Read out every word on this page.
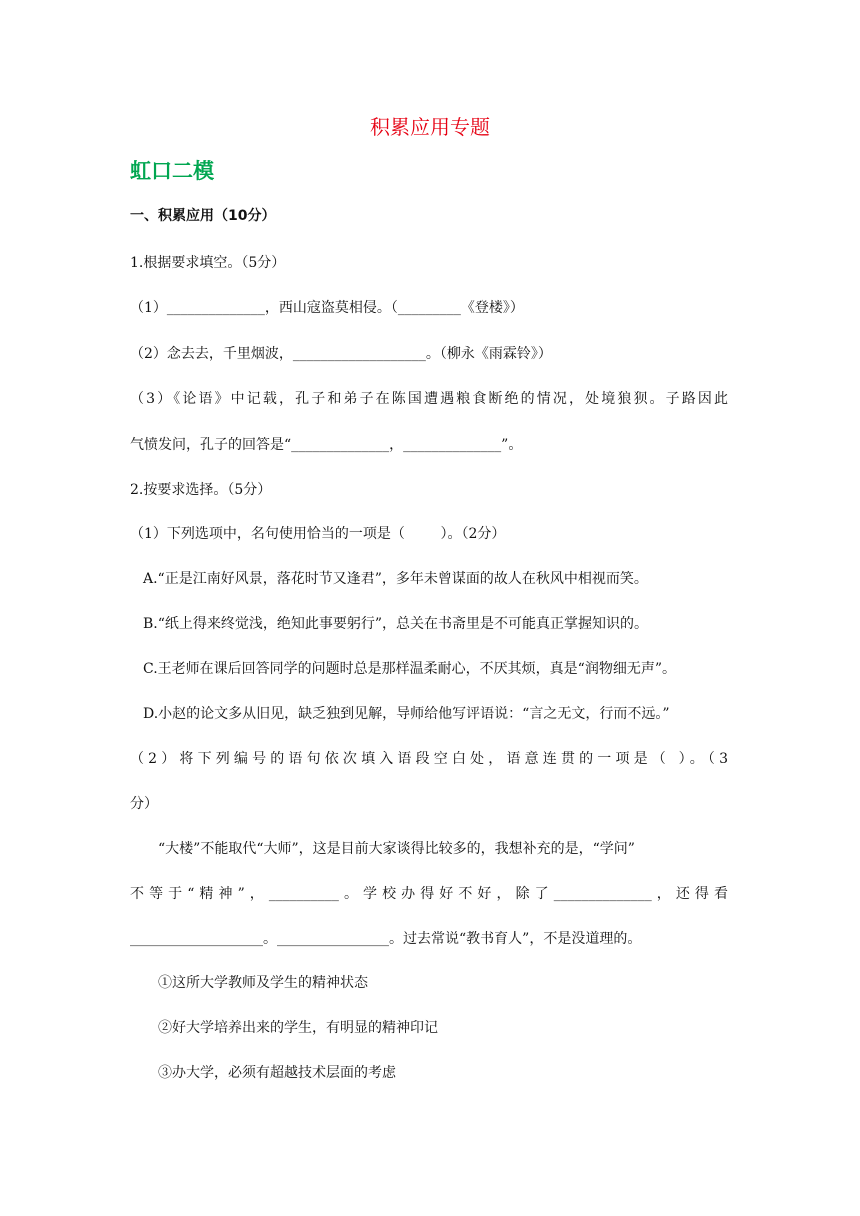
积累应用专题
虹口二模
一、积累应用（10分）
1.根据要求填空。（5分）
（1）______________，西山寇盗莫相侵。（_________《登楼》）
（2）念去去，千里烟波，___________________。（柳永《雨霖铃》）
（3）《论语》中记载，孔子和弟子在陈国遭遇粮食断绝的情况，处境狼狈。子路因此
气愤发问，孔子的回答是“______________，______________”。
2.按要求选择。（5分）
（1）下列选项中，名句使用恰当的一项是（        ）。（2分）
A.“正是江南好风景，落花时节又逢君”，多年未曾谋面的故人在秋风中相视而笑。
B.“纸上得来终觉浅，绝知此事要躬行”，总关在书斋里是不可能真正掌握知识的。
C.王老师在课后回答同学的问题时总是那样温柔耐心，不厌其烦，真是“润物细无声”。
D.小赵的论文多从旧见，缺乏独到见解，导师给他写评语说：“言之无文，行而不远。”
（2）将下列编号的语句依次填入语段空白处，语意连贯的一项是（ ）。（3
分）
“大楼”不能取代“大师”，这是目前大家谈得比较多的，我想补充的是，“学问”
不等于“精神”，__________。学校办得好不好，除了______________，还得看
___________________。________________。过去常说“教书育人”，不是没道理的。
①这所大学教师及学生的精神状态
②好大学培养出来的学生，有明显的精神印记
③办大学，必须有超越技术层面的考虑
